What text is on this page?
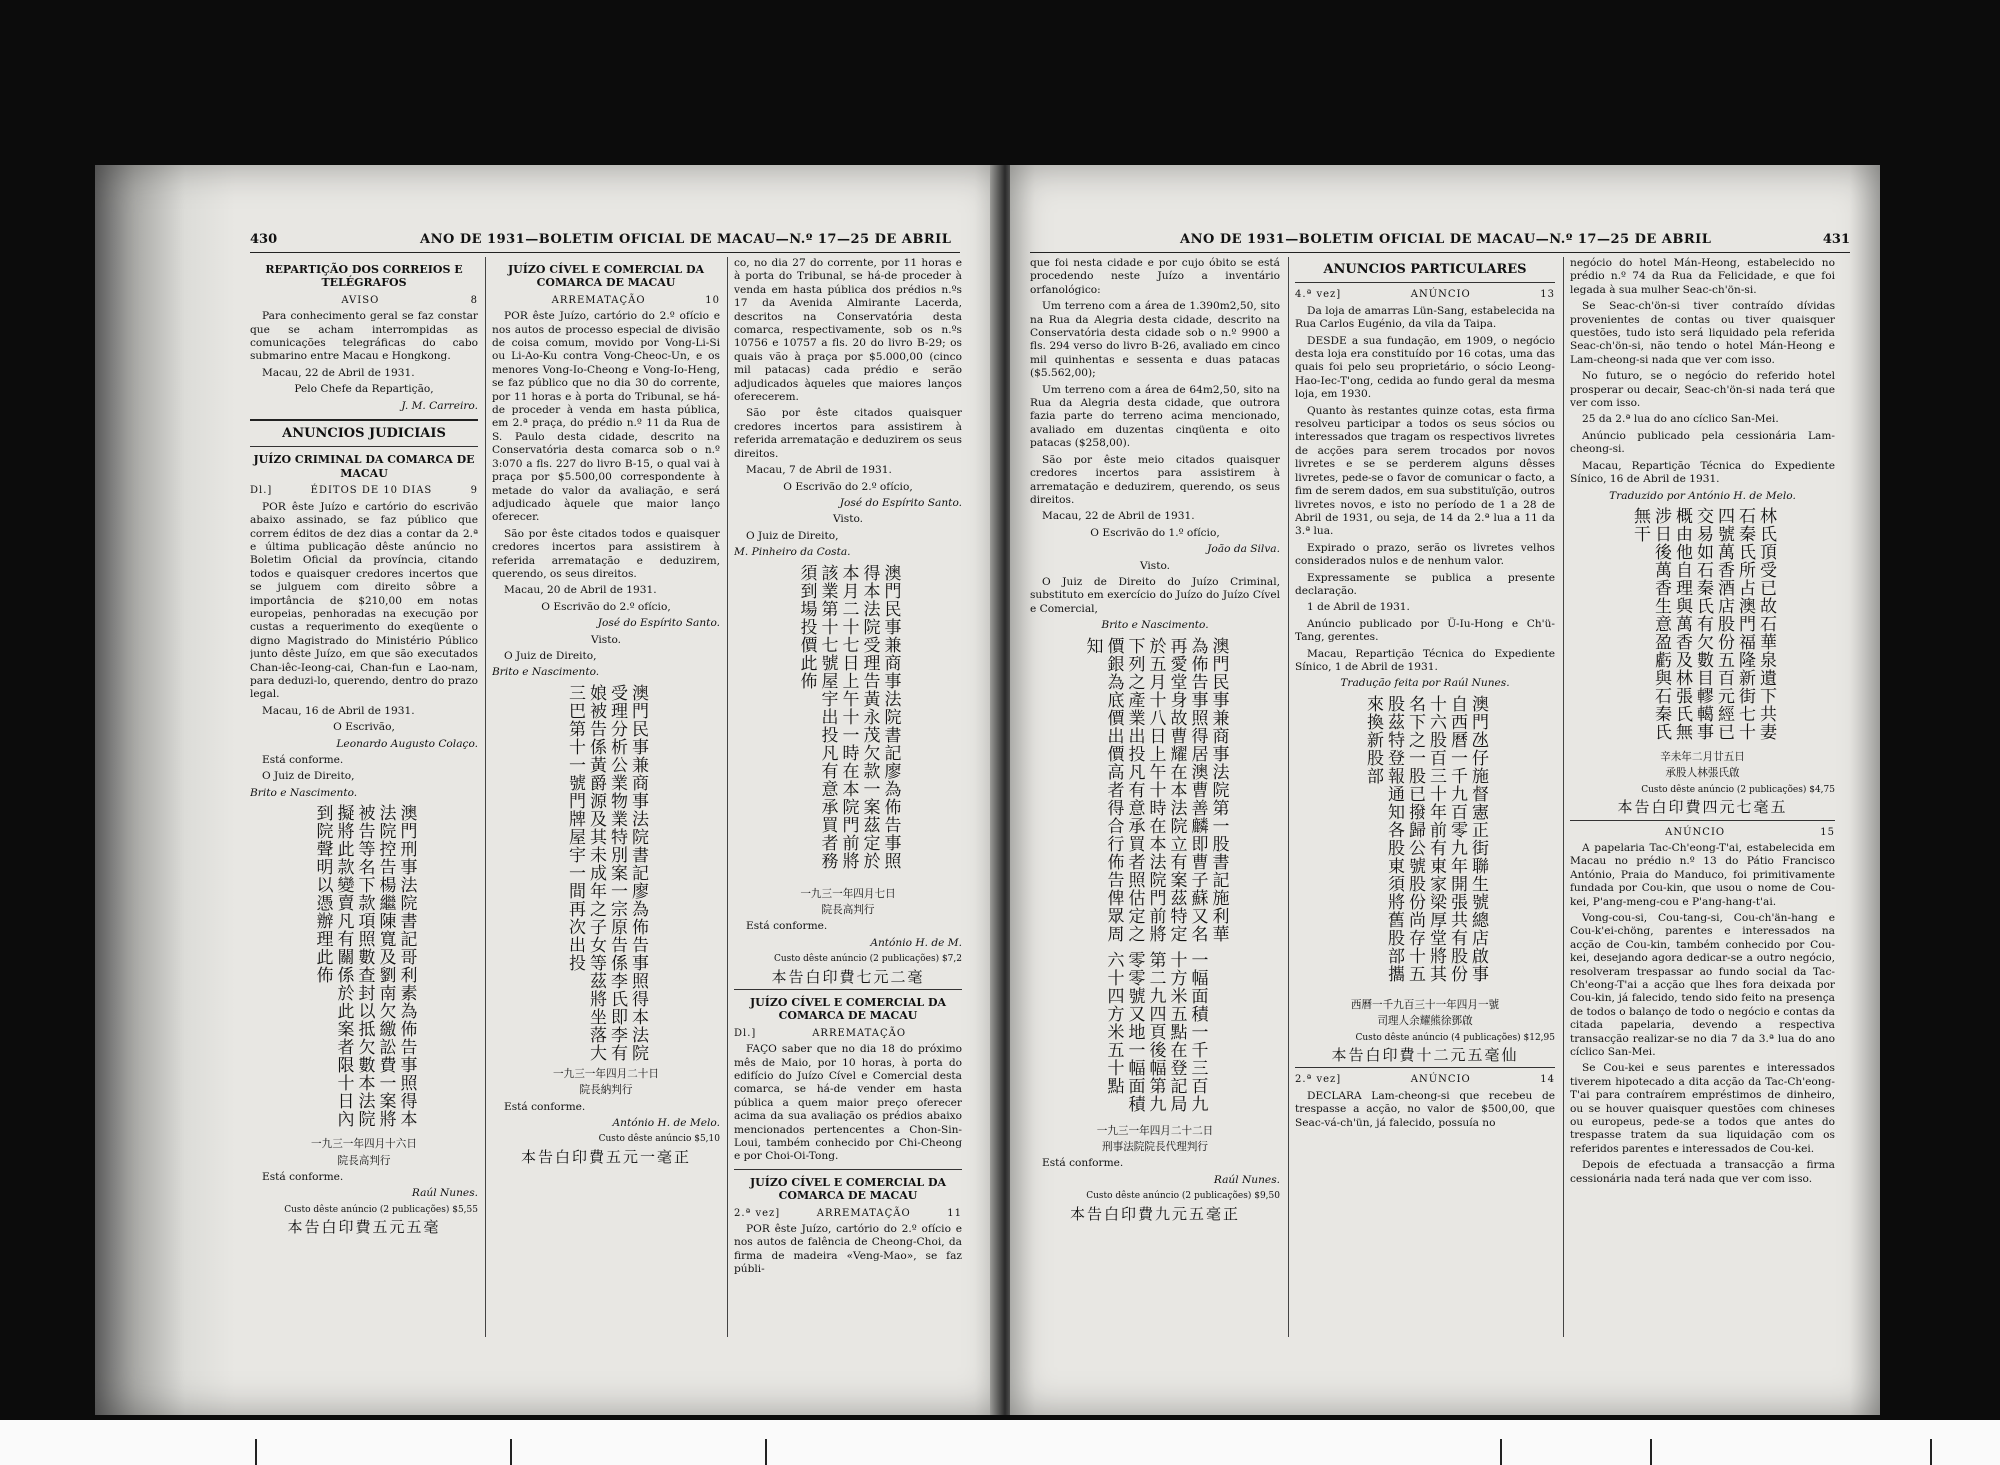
430	ANO DE 1931—BOLETIM OFICIAL DE MACAU—N.º 17—25 DE ABRIL

REPARTIÇÃO DOS CORREIOS E TELÉGRAFOS

AVISO	8

Para conhecimento geral se faz constar que se acham interrompidas as comunicações telegráficas do cabo submarino entre Macau e Hongkong.

Macau, 22 de Abril de 1931.

Pelo Chefe da Repartição,

J. M. Carreiro.

ANUNCIOS JUDICIAIS

JUÍZO CRIMINAL DA COMARCA DE MACAU

Dl.]	ÉDITOS DE 10 DIAS	9

POR êste Juízo e cartório do escrivão abaixo assinado, se faz público que correm éditos de dez dias a contar da 2.ª e última publicação dêste anúncio no Boletim Oficial da província, citando todos e quaisquer credores incertos que se julguem com direito sôbre a importância de $210,00 em notas europeias, penhoradas na execução por custas a requerimento do exeqüente o digno Magistrado do Ministério Público junto dêste Juízo, em que são executados Chan-iêc-Ieong-cai, Chan-fun e Lao-nam, para deduzi-lo, querendo, dentro do prazo legal.

Macau, 16 de Abril de 1931.

O Escrivão,

Leonardo Augusto Colaço.

Está conforme.

O Juiz de Direito,

Brito e Nascimento.

澳門刑事法院書記哥利素為佈告事照得本法院控告楊繼陳寬及劉南欠繳訟費一案將被告等名下款項照數查封以抵欠數本法院擬將此款變賣凡有關係於此案者限十日內到院聲明以憑辦理此佈

一九三一年四月十六日

院長高判行

Está conforme.

Raúl Nunes.

Custo dêste anúncio (2 publicações) $5,55

本告白印費五元五毫

JUÍZO CÍVEL E COMERCIAL DA COMARCA DE MACAU

ARREMATAÇÃO	10

POR êste Juízo, cartório do 2.º ofício e nos autos de processo especial de divisão de coisa comum, movido por Vong-Li-Si ou Li-Ao-Ku contra Vong-Cheoc-Un, e os menores Vong-Io-Cheong e Vong-Io-Heng, se faz público que no dia 30 do corrente, por 11 horas e à porta do Tribunal, se há-de proceder à venda em hasta pública, em 2.ª praça, do prédio n.º 11 da Rua de S. Paulo desta cidade, descrito na Conservatória desta comarca sob o n.º 3:070 a fls. 227 do livro B-15, o qual vai à praça por $5.500,00 correspondente à metade do valor da avaliação, e será adjudicado àquele que maior lanço oferecer.

São por êste citados todos e quaisquer credores incertos para assistirem à referida arrematação e deduzirem, querendo, os seus direitos.

Macau, 20 de Abril de 1931.

O Escrivão do 2.º ofício,

José do Espírito Santo.

Visto.

O Juiz de Direito,

Brito e Nascimento.

澳門民事兼商事法院書記廖為佈告事照得本法院受理分析公業物業特別案一宗原告係李氏即李有娘被告係黃爵源及其未成年之子女等茲將坐落大三巴第十一號門牌屋宇一間再次出投

一九三一年四月二十日

院長納判行

Está conforme.

António H. de Melo.

Custo dêste anúncio $5,10

本告白印費五元一毫正

co, no dia 27 do corrente, por 11 horas e à porta do Tribunal, se há-de proceder à venda em hasta pública dos prédios n.ºs 17 da Avenida Almirante Lacerda, descritos na Conservatória desta comarca, respectivamente, sob os n.ºs 10756 e 10757 a fls. 20 do livro B-29; os quais vão à praça por $5.000,00 (cinco mil patacas) cada prédio e serão adjudicados àqueles que maiores lanços oferecerem.

São por êste citados quaisquer credores incertos para assistirem à referida arrematação e deduzirem os seus direitos.

Macau, 7 de Abril de 1931.

O Escrivão do 2.º ofício,

José do Espírito Santo.

Visto.

O Juiz de Direito,

M. Pinheiro da Costa.

澳門民事兼商事法院書記廖為佈告事照得本法院受理告黃永茂欠款一案茲定於本月二十七日上午十一時在本院門前將該業第十七號屋宇出投凡有意承買者務須到場投價此佈

一九三一年四月七日

院長高判行

Está conforme.

António H. de M.

Custo dêste anúncio (2 publicações) $7,2

本告白印費七元二毫

JUÍZO CÍVEL E COMERCIAL DA COMARCA DE MACAU

Dl.]	ARREMATAÇÃO

FAÇO saber que no dia 18 do próximo mês de Maio, por 10 horas, à porta do edifício do Juízo Cível e Comercial desta comarca, se há-de vender em hasta pública a quem maior preço oferecer acima da sua avaliação os prédios abaixo mencionados pertencentes a Chon-Sin-Loui, também conhecido por Chi-Cheong e por Choi-Oi-Tong.

JUÍZO CÍVEL E COMERCIAL DA COMARCA DE MACAU

2.ª vez]	ARREMATAÇÃO	11

POR êste Juízo, cartório do 2.º ofício e nos autos de falência de Cheong-Choi, da firma de madeira «Veng-Mao», se faz públi-

ANO DE 1931—BOLETIM OFICIAL DE MACAU—N.º 17—25 DE ABRIL	431

que foi nesta cidade e por cujo óbito se está procedendo neste Juízo a inventário orfanológico:

Um terreno com a área de 1.390m2,50, sito na Rua da Alegria desta cidade, descrito na Conservatória desta cidade sob o n.º 9900 a fls. 294 verso do livro B-26, avaliado em cinco mil quinhentas e sessenta e duas patacas ($5.562,00);

Um terreno com a área de 64m2,50, sito na Rua da Alegria desta cidade, que outrora fazia parte do terreno acima mencionado, avaliado em duzentas cinqüenta e oito patacas ($258,00).

São por êste meio citados quaisquer credores incertos para assistirem à arrematação e deduzirem, querendo, os seus direitos.

Macau, 22 de Abril de 1931.

O Escrivão do 1.º ofício,

João da Silva.

Visto.

O Juiz de Direito do Juízo Criminal, substituto em exercício do Juízo do Juízo Cível e Comercial,

Brito e Nascimento.

澳門民事兼商事法院第一股書記施利華為佈告事照得居澳曹善麟即曹子蘇又名再愛堂身故曹耀在本法院立有案茲特定於五月十八日上午十時在本法院門前將下列之產業出投凡有意承買者照估定之價銀為底價出價高者得合行佈告俾眾周知
一幅面積一千三百九十方米五點在登記局第二九四頁後幅第九零零號又地一幅面積六十四方米五十點

一九三一年四月二十二日

刑事法院院長代理判行

Está conforme.

Raúl Nunes.

Custo dêste anúncio (2 publicações) $9,50

本告白印費九元五毫正

ANUNCIOS PARTICULARES

4.ª vez]	ANÚNCIO	13

Da loja de amarras Lün-Sang, estabelecida na Rua Carlos Eugénio, da vila da Taipa.

DESDE a sua fundação, em 1909, o negócio desta loja era constituído por 16 cotas, uma das quais foi pelo seu proprietário, o sócio Leong-Hao-Iec-T'ong, cedida ao fundo geral da mesma loja, em 1930.

Quanto às restantes quinze cotas, esta firma resolveu participar a todos os seus sócios ou interessados que tragam os respectivos livretes de acções para serem trocados por novos livretes e se se perderem alguns dêsses livretes, pede-se o favor de comunicar o facto, a fim de serem dados, em sua substituïção, outros livretes novos, e isto no período de 1 a 28 de Abril de 1931, ou seja, de 14 da 2.ª lua a 11 da 3.ª lua.

Expirado o prazo, serão os livretes velhos considerados nulos e de nenhum valor.

Expressamente se publica a presente declaração.

1 de Abril de 1931.

Anúncio publicado por Ü-Iu-Hong e Ch'ü-Tang, gerentes.

Macau, Repartição Técnica do Expediente Sínico, 1 de Abril de 1931.

Tradução feita por Raúl Nunes.

澳門氹仔施督憲正街聯生號總店啟事自西曆一千九百零九年開張共有股份十六股百三十年前有東家梁厚堂將其名下之一股已撥歸公號股份尚存十五股茲特登報通知各股東須將舊股部攜來換新股部

西曆一千九百三十一年四月一號

司理人余耀熊徐鄧啟

Custo dêste anúncio (4 publicações) $12,95

本告白印費十二元五毫仙

2.ª vez]	ANÚNCIO	14

DECLARA Lam-cheong-si que recebeu de trespasse a acção, no valor de $500,00, que Seac-vá-ch'ün, já falecido, possuía no

negócio do hotel Mán-Heong, estabelecido no prédio n.º 74 da Rua da Felicidade, e que foi legada à sua mulher Seac-ch'ön-si.

Se Seac-ch'ön-si tiver contraído dívidas provenientes de contas ou tiver quaisquer questões, tudo isto será liquidado pela referida Seac-ch'ön-si, não tendo o hotel Mán-Heong e Lam-cheong-si nada que ver com isso.

No futuro, se o negócio do referido hotel prosperar ou decair, Seac-ch'ön-si nada terá que ver com isso.

25 da 2.ª lua do ano cíclico San-Mei.

Anúncio publicado pela cessionária Lam-cheong-si.

Macau, Repartição Técnica do Expediente Sínico, 16 de Abril de 1931.

Traduzido por António H. de Melo.

林氏頂受已故石華泉遺下共妻石秦氏所占澳門福隆新街七十四號萬香酒店股份五百元經已交易如石秦氏有欠數目轇轕事概由他自理與萬香及林張氏無涉日後萬香生意盈虧與石秦氏無干

辛未年二月廿五日

承股人林張氏啟

Custo dêste anúncio (2 publicações) $4,75

本告白印費四元七毫五

ANÚNCIO	15

A papelaria Tac-Ch'eong-T'ai, estabelecida em Macau no prédio n.º 13 do Pátio Francisco António, Praia do Manduco, foi primitivamente fundada por Cou-kin, que usou o nome de Cou-kei, P'ang-meng-cou e P'ang-hang-t'ai.

Vong-cou-si, Cou-tang-si, Cou-ch'än-hang e Cou-k'ei-chöng, parentes e interessados na acção de Cou-kin, também conhecido por Cou-kei, desejando agora dedicar-se a outro negócio, resolveram trespassar ao fundo social da Tac-Ch'eong-T'ai a acção que lhes fora deixada por Cou-kin, já falecido, tendo sido feito na presença de todos o balanço de todo o negócio e contas da citada papelaria, devendo a respectiva transacção realizar-se no dia 7 da 3.ª lua do ano cíclico San-Mei.

Se Cou-kei e seus parentes e interessados tiverem hipotecado a dita acção da Tac-Ch'eong-T'ai para contraírem empréstimos de dinheiro, ou se houver quaisquer questões com chineses ou europeus, pede-se a todos que antes do trespasse tratem da sua liquidação com os referidos parentes e interessados de Cou-kei.

Depois de efectuada a transacção a firma cessionária nada terá nada que ver com isso.
